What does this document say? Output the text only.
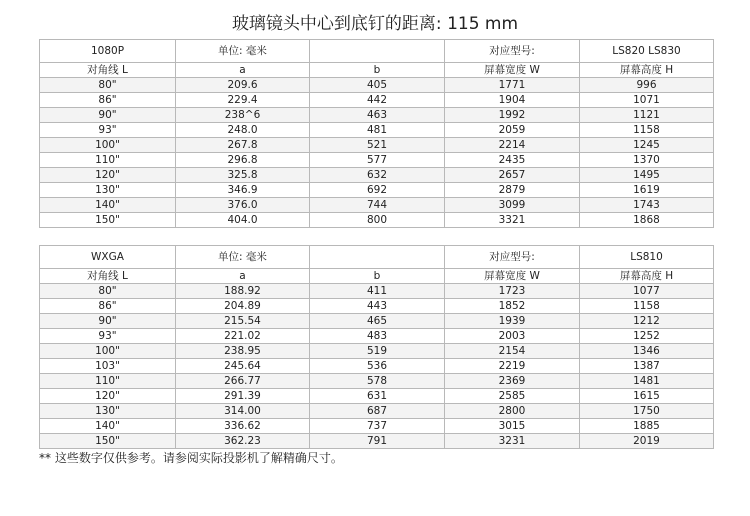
玻璃镜头中心到底钉的距离: 115 mm
1080P	单位: 毫米		对应型号:	LS820 LS830
对角线 L	a	b	屏幕宽度 W	屏幕高度 H
80"	209.6	405	1771	996
86"	229.4	442	1904	1071
90"	238^6	463	1992	1121
93"	248.0	481	2059	1158
100"	267.8	521	2214	1245
110"	296.8	577	2435	1370
120"	325.8	632	2657	1495
130"	346.9	692	2879	1619
140"	376.0	744	3099	1743
150"	404.0	800	3321	1868
WXGA	单位: 毫米		对应型号:	LS810
对角线 L	a	b	屏幕宽度 W	屏幕高度 H
80"	188.92	411	1723	1077
86"	204.89	443	1852	1158
90"	215.54	465	1939	1212
93"	221.02	483	2003	1252
100"	238.95	519	2154	1346
103"	245.64	536	2219	1387
110"	266.77	578	2369	1481
120"	291.39	631	2585	1615
130"	314.00	687	2800	1750
140"	336.62	737	3015	1885
150"	362.23	791	3231	2019
** 这些数字仅供参考。请参阅实际投影机了解精确尺寸。
